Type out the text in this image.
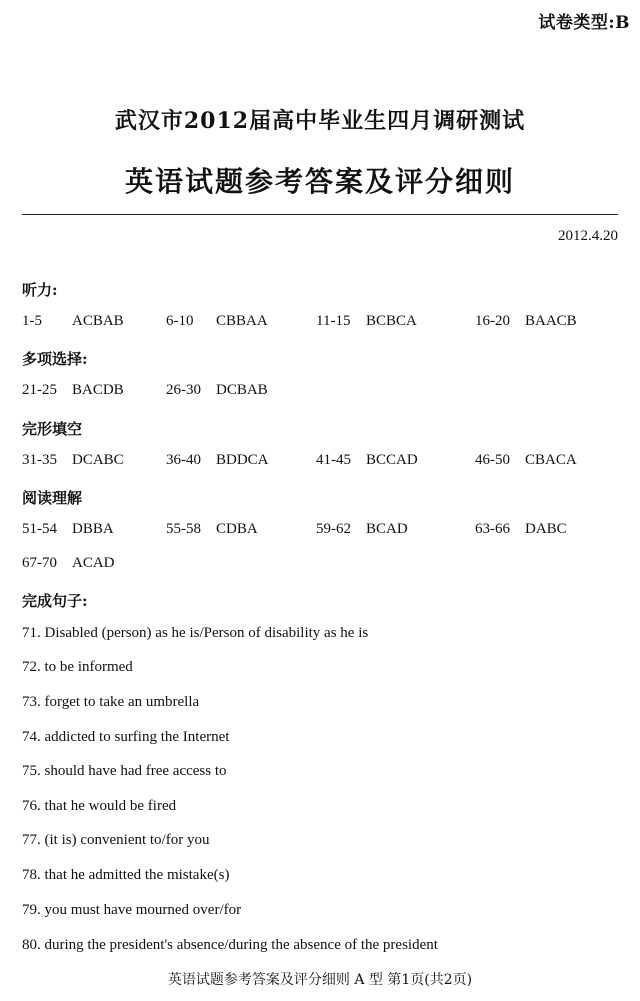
试卷类型:B
武汉市2012届高中毕业生四月调研测试
英语试题参考答案及评分细则
2012.4.20
听力:
1-5 ACBAB	6-10 CBBAA	11-15 BCBCA	16-20 BAACB
多项选择:
21-25 BACDB	26-30 DCBAB
完形填空
31-35 DCABC	36-40 BDDCA	41-45 BCCAD	46-50 CBACA
阅读理解
51-54 DBBA	55-58 CDBA	59-62 BCAD	63-66 DABC
67-70 ACAD
完成句子:
71. Disabled (person) as he is/Person of disability as he is
72. to be informed
73. forget to take an umbrella
74. addicted to surfing the Internet
75. should have had free access to
76. that he would be fired
77. (it is) convenient to/for you
78. that he admitted the mistake(s)
79. you must have mourned over/for
80. during the president's absence/during the absence of the president
英语试题参考答案及评分细则 A 型 第1页(共2页)
